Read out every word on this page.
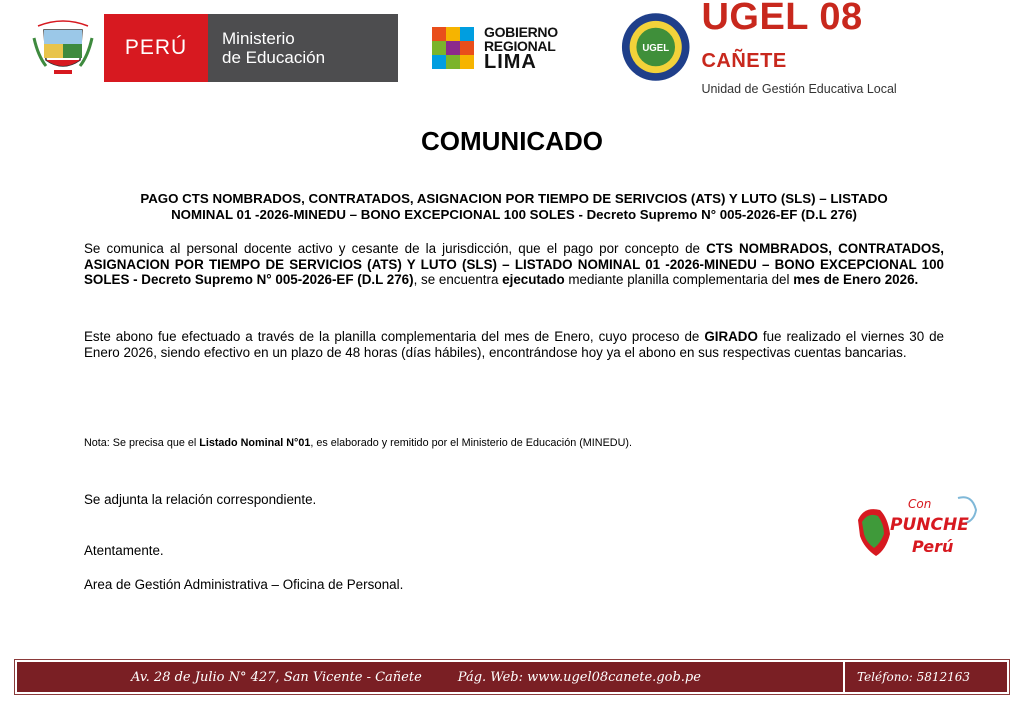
PERÚ	Ministerio
de Educación
GOBIERNO
REGIONAL
LIMA
UGEL
UGEL 08 CAÑETE
Unidad de Gestión Educativa Local
COMUNICADO
PAGO CTS NOMBRADOS, CONTRATADOS, ASIGNACION POR TIEMPO DE SERIVCIOS (ATS) Y LUTO (SLS) – LISTADO
NOMINAL 01 -2026-MINEDU – BONO EXCEPCIONAL 100 SOLES - Decreto Supremo N° 005-2026-EF (D.L 276)
Se comunica al personal docente activo y cesante de la jurisdicción, que el pago por concepto de CTS NOMBRADOS, CONTRATADOS, ASIGNACION POR TIEMPO DE SERVICIOS (ATS) Y LUTO (SLS) – LISTADO NOMINAL 01 -2026-MINEDU – BONO EXCEPCIONAL 100 SOLES - Decreto Supremo N° 005-2026-EF (D.L 276), se encuentra ejecutado mediante planilla complementaria del mes de Enero 2026.
Este abono fue efectuado a través de la planilla complementaria del mes de Enero, cuyo proceso de GIRADO fue realizado el viernes 30 de Enero 2026, siendo efectivo en un plazo de 48 horas (días hábiles), encontrándose hoy ya el abono en sus respectivas cuentas bancarias.
Nota: Se precisa que el Listado Nominal N°01, es elaborado y remitido por el Ministerio de Educación (MINEDU).
Se adjunta la relación correspondiente.
Atentamente.
Area de Gestión Administrativa – Oficina de Personal.
Con
PUNCHE
Perú
Av. 28 de Julio N° 427, San Vicente - Cañete	Pág. Web: www.ugel08canete.gob.pe	Teléfono: 5812163
